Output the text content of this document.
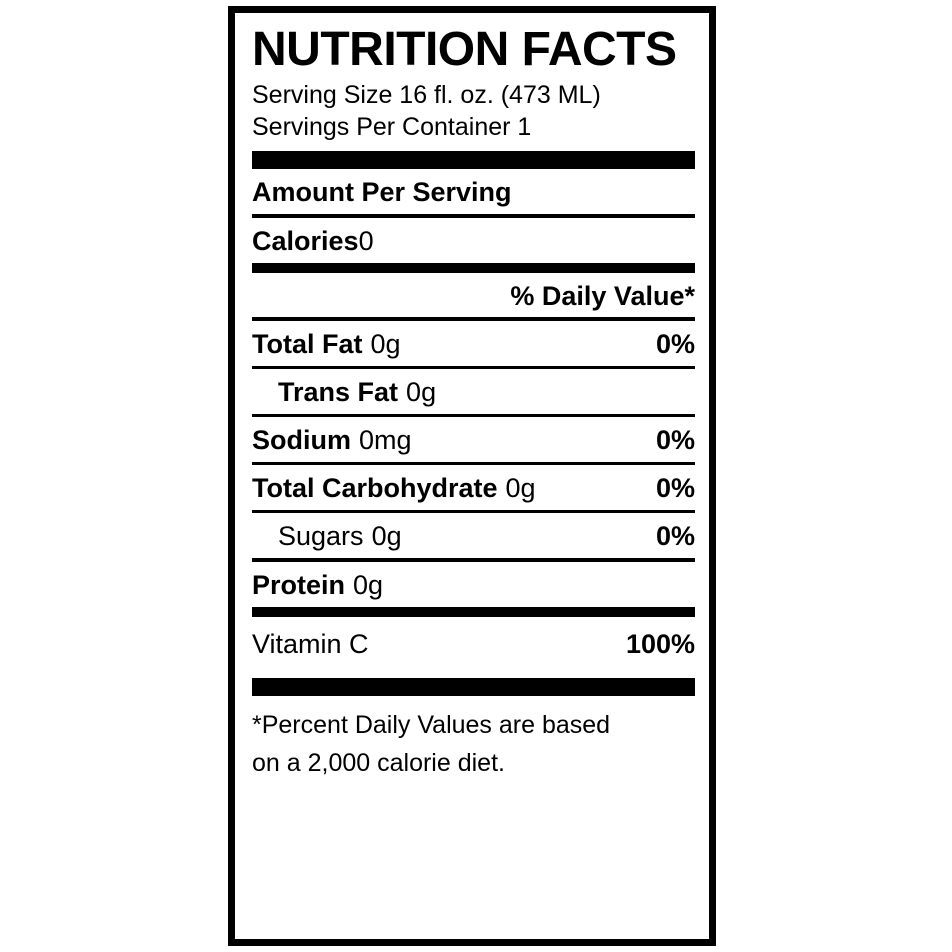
NUTRITION FACTS
Serving Size 16 fl. oz. (473 ML)
Servings Per Container 1
Amount Per Serving
Calories0
% Daily Value*
Total Fat 0g	0%
Trans Fat 0g
Sodium 0mg	0%
Total Carbohydrate 0g	0%
Sugars 0g	0%
Protein 0g
Vitamin C	100%
*Percent Daily Values are based
on a 2,000 calorie diet.
